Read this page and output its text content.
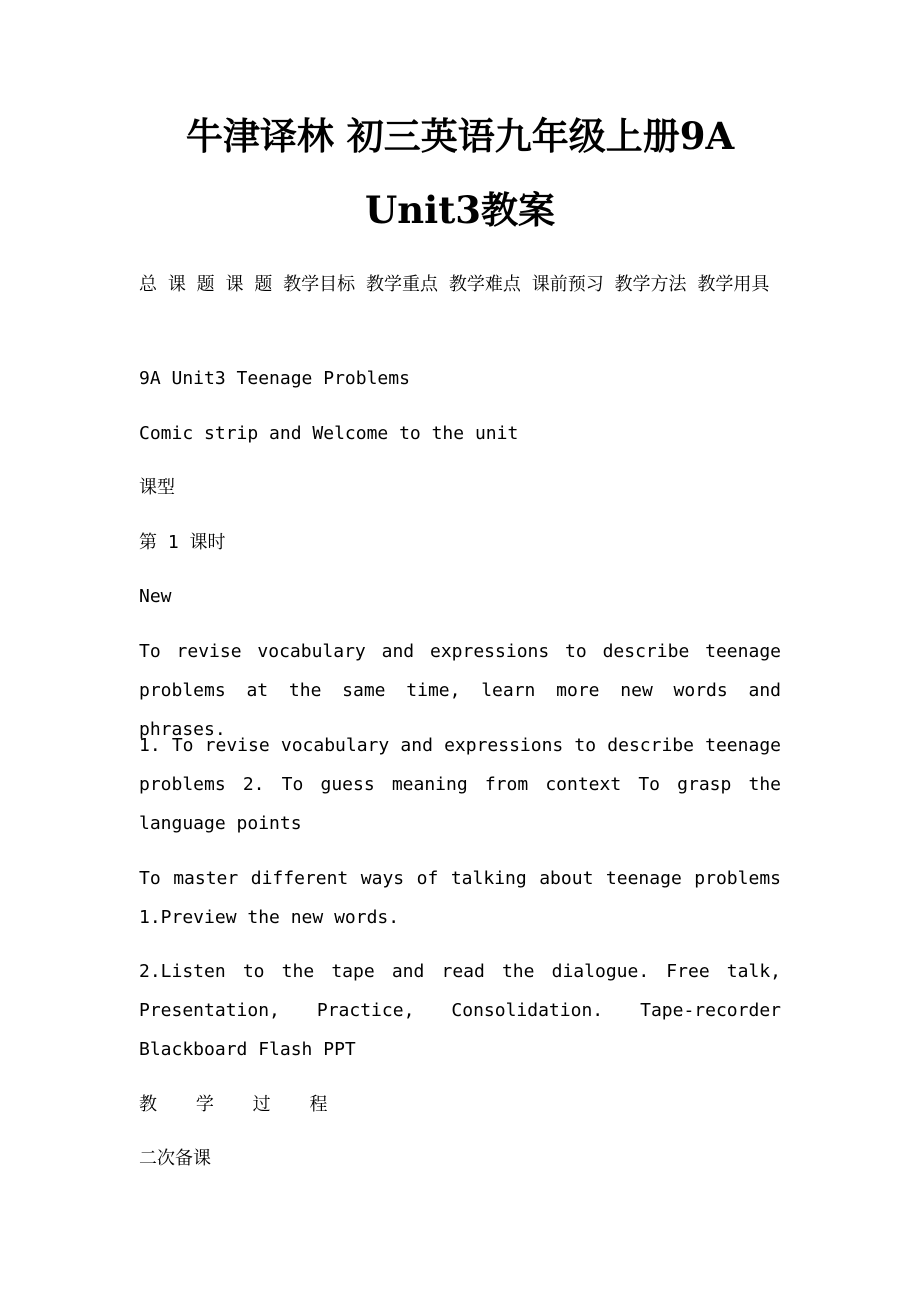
牛津译林 初三英语九年级上册9A
Unit3教案

总 课 题 课 题 教学目标 教学重点 教学难点 课前预习 教学方法 教学用具

9A Unit3 Teenage Problems

Comic strip and Welcome to the unit

课型

第 1 课时

New

To revise vocabulary and expressions to describe teenage problems at the same time, learn more new words and phrases.

1. To revise vocabulary and expressions to describe teenage problems 2. To guess meaning from context To grasp the language points

To master different ways of talking about teenage problems 1.Preview the new words.

2.Listen to the tape and read the dialogue. Free talk, Presentation, Practice, Consolidation. Tape-recorder Blackboard Flash PPT

教 学 过 程

二次备课
